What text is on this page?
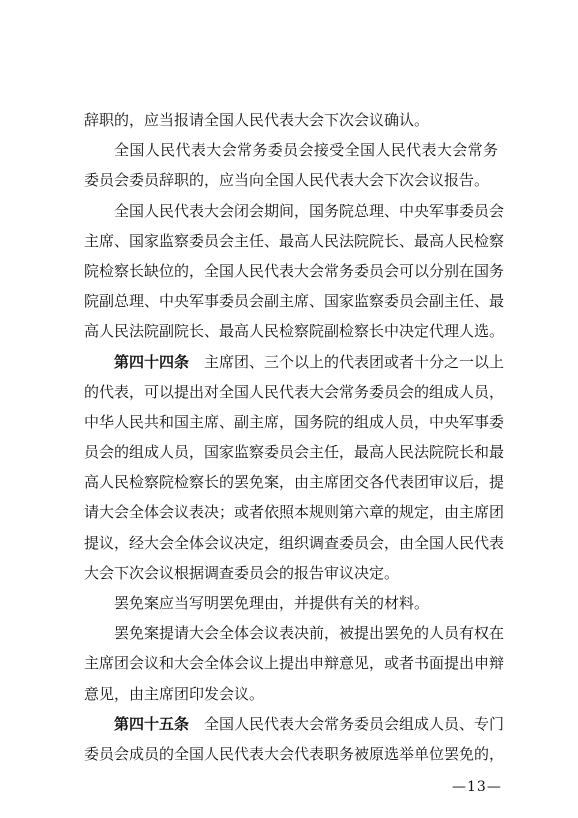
辞职的，应当报请全国人民代表大会下次会议确认。
全国人民代表大会常务委员会接受全国人民代表大会常务
委员会委员辞职的，应当向全国人民代表大会下次会议报告。
全国人民代表大会闭会期间，国务院总理、中央军事委员会
主席、国家监察委员会主任、最高人民法院院长、最高人民检察
院检察长缺位的，全国人民代表大会常务委员会可以分别在国务
院副总理、中央军事委员会副主席、国家监察委员会副主任、最
高人民法院副院长、最高人民检察院副检察长中决定代理人选。
第四十四条　主席团、三个以上的代表团或者十分之一以上
的代表，可以提出对全国人民代表大会常务委员会的组成人员，
中华人民共和国主席、副主席，国务院的组成人员，中央军事委
员会的组成人员，国家监察委员会主任，最高人民法院院长和最
高人民检察院检察长的罢免案，由主席团交各代表团审议后，提
请大会全体会议表决；或者依照本规则第六章的规定，由主席团
提议，经大会全体会议决定，组织调查委员会，由全国人民代表
大会下次会议根据调查委员会的报告审议决定。
罢免案应当写明罢免理由，并提供有关的材料。
罢免案提请大会全体会议表决前，被提出罢免的人员有权在
主席团会议和大会全体会议上提出申辩意见，或者书面提出申辩
意见，由主席团印发会议。
第四十五条　全国人民代表大会常务委员会组成人员、专门
委员会成员的全国人民代表大会代表职务被原选举单位罢免的，
—13—
